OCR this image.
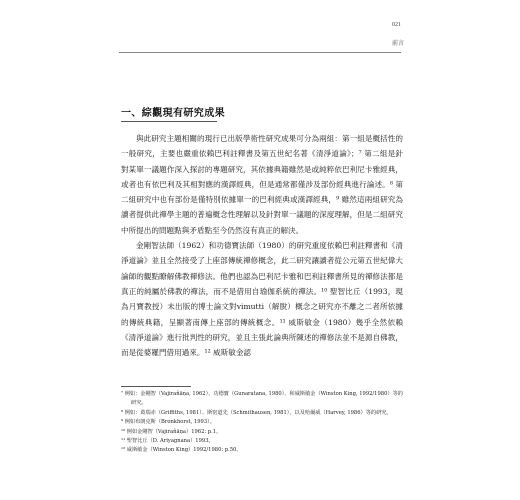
021
前言
一、綜觀現有研究成果

與此研究主題相關的現行已出版學術性研究成果可分為兩組：第一組是概括性的一般研究，主要也嚴重依賴巴利註釋書及第五世紀名著《清淨道論》；⁷ 第二組是針對某單一議題作深入探討的專題研究，其依據典籍雖然是或純粹依巴利尼卡雅經典，或者也有依巴利及其相對應的漢譯經典，但是通常都僅涉及部份經典進行論述。⁸ 第二組研究中也有部份是僅特別依據單一的巴利經典或漢譯經典，⁹ 雖然這兩組研究為讀者提供此禪學主題的普遍概念性理解以及針對單一議題的深度理解，但是二組研究中所提出的問題點與矛盾點至今仍然沒有真正的解決。

金剛智法師（1962）和功德寶法師（1980）的研究重度依賴巴利註釋書和《清淨道論》並且全然接受了上座部傳統禪修概念，此二研究讓讀者從公元第五世紀偉大論師的觀點瞭解佛教禪修法。他們也認為巴利尼卡雅和巴利註釋書所見的禪修法都是真正的純屬於佛教的禪法，而不是借用自瑜伽系統的禪法。¹⁰ 聖智比丘（1993，現為月寶教授）未出版的博士論文對vimutti（解脫）概念之研究亦不離之二者所依據的傳統典籍，呈顯著南傳上座部的傳統概念。¹¹ 威斯敏金（1980）幾乎全然依賴《清淨道論》進行批判性的研究，並且主張此論典所陳述的禪修法並不是源自佛教，而是從婆羅門借用過來。¹² 威斯敏金認

⁷ 例如：金剛智（Vajirañāṇa, 1962）、功德寶（Gunaratana, 1980）、和威斯敏金（Winston King, 1992/1980）等的研究。

⁸ 例如：葛瑞赤（Griffiths, 1981）、斯密道先（Schmithausen, 1981），以及哈爾威（Harvey, 1986）等的研究。

⁹ 例如布朗克斯（Bronkhorst, 1993）。

¹⁰ 例如金剛智（Vajirañāṇa）1962: p.1。

¹¹ 聖智比丘（D. Ariyagnana）1993。

¹² 威斯敏金（Winston King）1992/1980: p.50。
